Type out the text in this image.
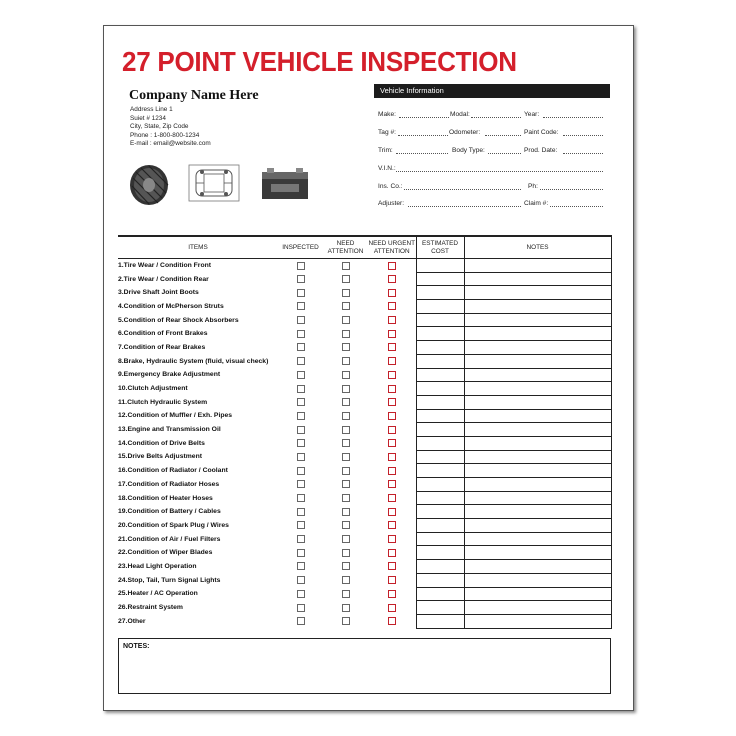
27 POINT VEHICLE INSPECTION
Company Name Here
Address Line 1
Suiet # 1234
City, State, Zip Code
Phone : 1-800-800-1234
E-mail : email@website.com
Vehicle Information
Make:	Modal:	Year:
Tag #:	Odometer:	Paint Code:
Trim:	Body Type:	Prod. Date:
V.I.N.:
Ins. Co.:	Ph:
Adjuster:	Claim #:
ITEMS	INSPECTED	NEED ATTENTION	NEED URGENT ATTENTION	ESTIMATED COST	NOTES
1.Tire Wear / Condition Front	

2.Tire Wear / Condition Rear	

3.Drive Shaft Joint Boots	

4.Condition of McPherson Struts	

5.Condition of Rear Shock Absorbers	

6.Condition of Front Brakes	

7.Condition of Rear Brakes	

8.Brake, Hydraulic System (fluid, visual check)	

9.Emergency Brake Adjustment	

10.Clutch Adjustment	

11.Clutch Hydraulic System	

12.Condition of Muffler / Exh. Pipes	

13.Engine and Transmission Oil	

14.Condition of Drive Belts	

15.Drive Belts Adjustment	

16.Condition of Radiator / Coolant	

17.Condition of Radiator Hoses	

18.Condition of Heater Hoses	

19.Condition of Battery / Cables	

20.Condition of Spark Plug / Wires	

21.Condition of Air / Fuel Filters	

22.Condition of Wiper Blades	

23.Head Light Operation	

24.Stop, Tail, Turn Signal Lights	

25.Heater / AC Operation	

26.Restraint System	

27.Other	

NOTES:
